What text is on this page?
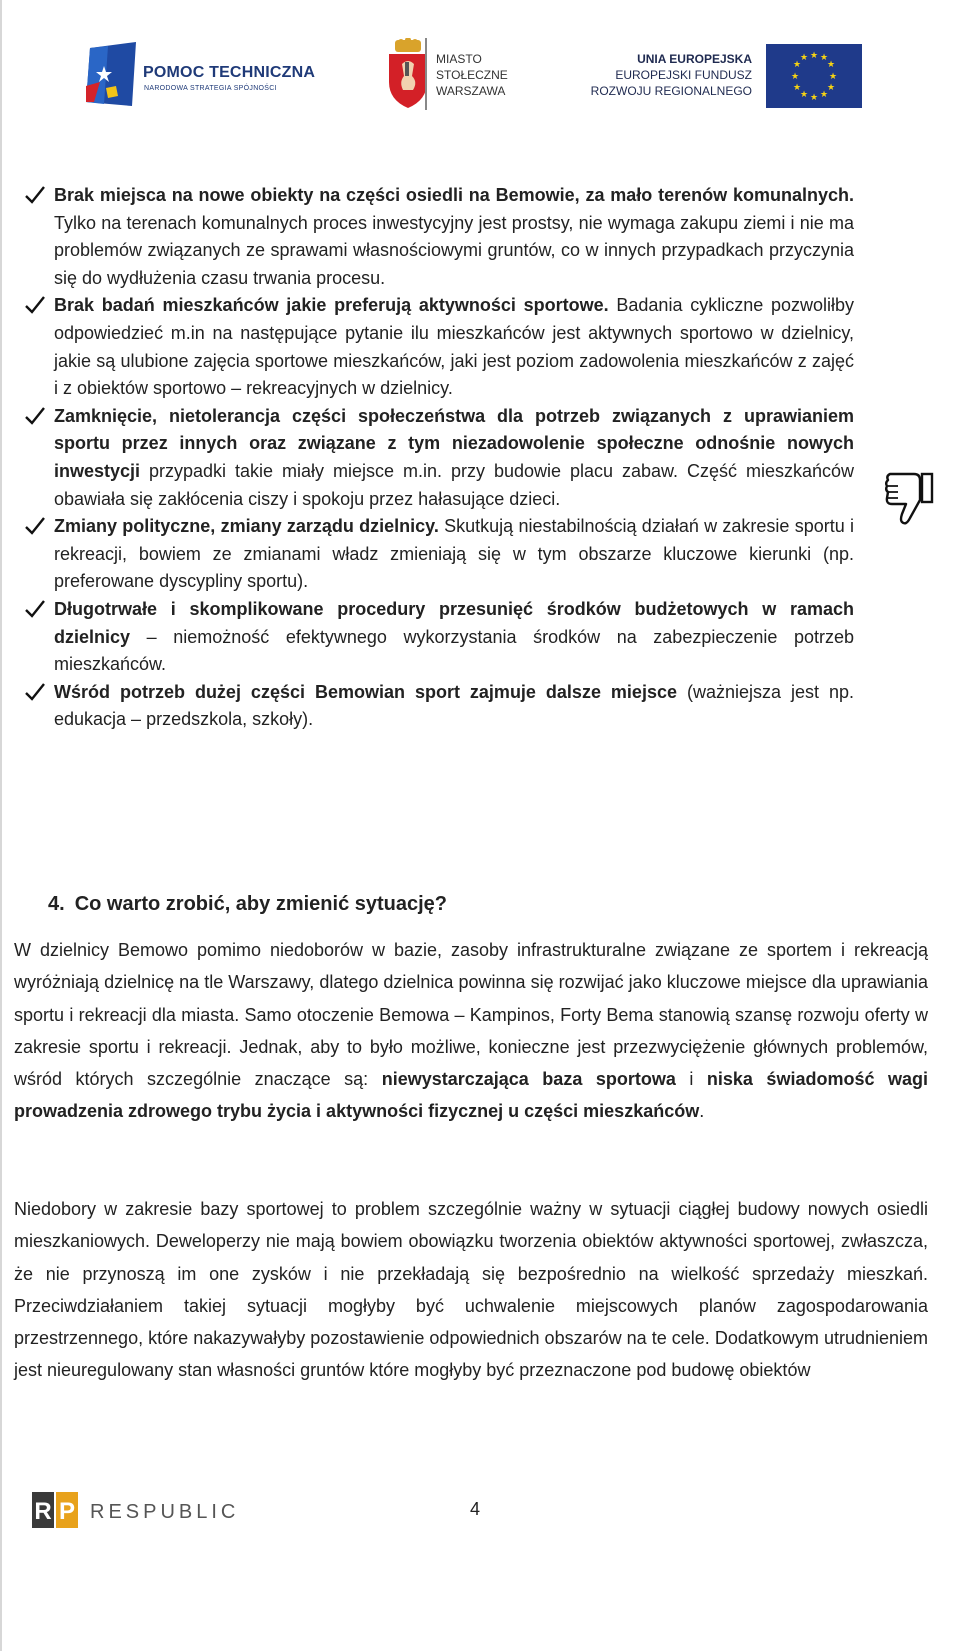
POMOC TECHNICZNA
NARODOWA STRATEGIA SPÓJNOŚCI
MIASTO
STOŁECZNE
WARSZAWA
UNIA EUROPEJSKA
EUROPEJSKI FUNDUSZ
ROZWOJU REGIONALNEGO
★ ★
★
★
★
★
★
★
★
★
★
★
Brak miejsca na nowe obiekty na części osiedli na Bemowie, za mało terenów komunalnych. Tylko na terenach komunalnych proces inwestycyjny jest prostsy, nie wymaga zakupu ziemi i nie ma problemów związanych ze sprawami własnościowymi gruntów, co w innych przypadkach przyczynia się do wydłużenia czasu trwania procesu.
Brak badań mieszkańców jakie preferują aktywności sportowe. Badania cykliczne pozwoliłby odpowiedzieć m.in na następujące pytanie ilu mieszkańców jest aktywnych sportowo w dzielnicy, jakie są ulubione zajęcia sportowe mieszkańców, jaki jest poziom zadowolenia mieszkańców z zajęć i z obiektów sportowo – rekreacyjnych w dzielnicy.
Zamknięcie, nietolerancja części społeczeństwa dla potrzeb związanych z uprawianiem sportu przez innych oraz związane z tym niezadowolenie społeczne odnośnie nowych inwestycji przypadki takie miały miejsce m.in. przy budowie placu zabaw. Część mieszkańców obawiała się zakłócenia ciszy i spokoju przez hałasujące dzieci.
Zmiany polityczne, zmiany zarządu dzielnicy. Skutkują niestabilnością działań w zakresie sportu i rekreacji, bowiem ze zmianami władz zmieniają się w tym obszarze kluczowe kierunki (np. preferowane dyscypliny sportu).
Długotrwałe i skomplikowane procedury przesunięć środków budżetowych w ramach dzielnicy – niemożność efektywnego wykorzystania środków na zabezpieczenie potrzeb mieszkańców.
Wśród potrzeb dużej części Bemowian sport zajmuje dalsze miejsce (ważniejsza jest np. edukacja – przedszkola, szkoły).
4. Co warto zrobić, aby zmienić sytuację?
W dzielnicy Bemowo pomimo niedoborów w bazie, zasoby infrastrukturalne związane ze sportem i rekreacją wyróżniają dzielnicę na tle Warszawy, dlatego dzielnica powinna się rozwijać jako kluczowe miejsce dla uprawiania sportu i rekreacji dla miasta. Samo otoczenie Bemowa – Kampinos, Forty Bema stanowią szansę rozwoju oferty w zakresie sportu i rekreacji. Jednak, aby to było możliwe, konieczne jest przezwyciężenie głównych problemów, wśród których szczególnie znaczące są: niewystarczająca baza sportowa i niska świadomość wagi prowadzenia zdrowego trybu życia i aktywności fizycznej u części mieszkańców.
Niedobory w zakresie bazy sportowej to problem szczególnie ważny w sytuacji ciągłej budowy nowych osiedli mieszkaniowych. Deweloperzy nie mają bowiem obowiązku tworzenia obiektów aktywności sportowej, zwłaszcza, że nie przynoszą im one zysków i nie przekładają się bezpośrednio na wielkość sprzedaży mieszkań. Przeciwdziałaniem takiej sytuacji mogłyby być uchwalenie miejscowych planów zagospodarowania przestrzennego, które nakazywałyby pozostawienie odpowiednich obszarów na te cele. Dodatkowym utrudnieniem jest nieuregulowany stan własności gruntów które mogłyby być przeznaczone pod budowę obiektów
R P RESPUBLIC	4
